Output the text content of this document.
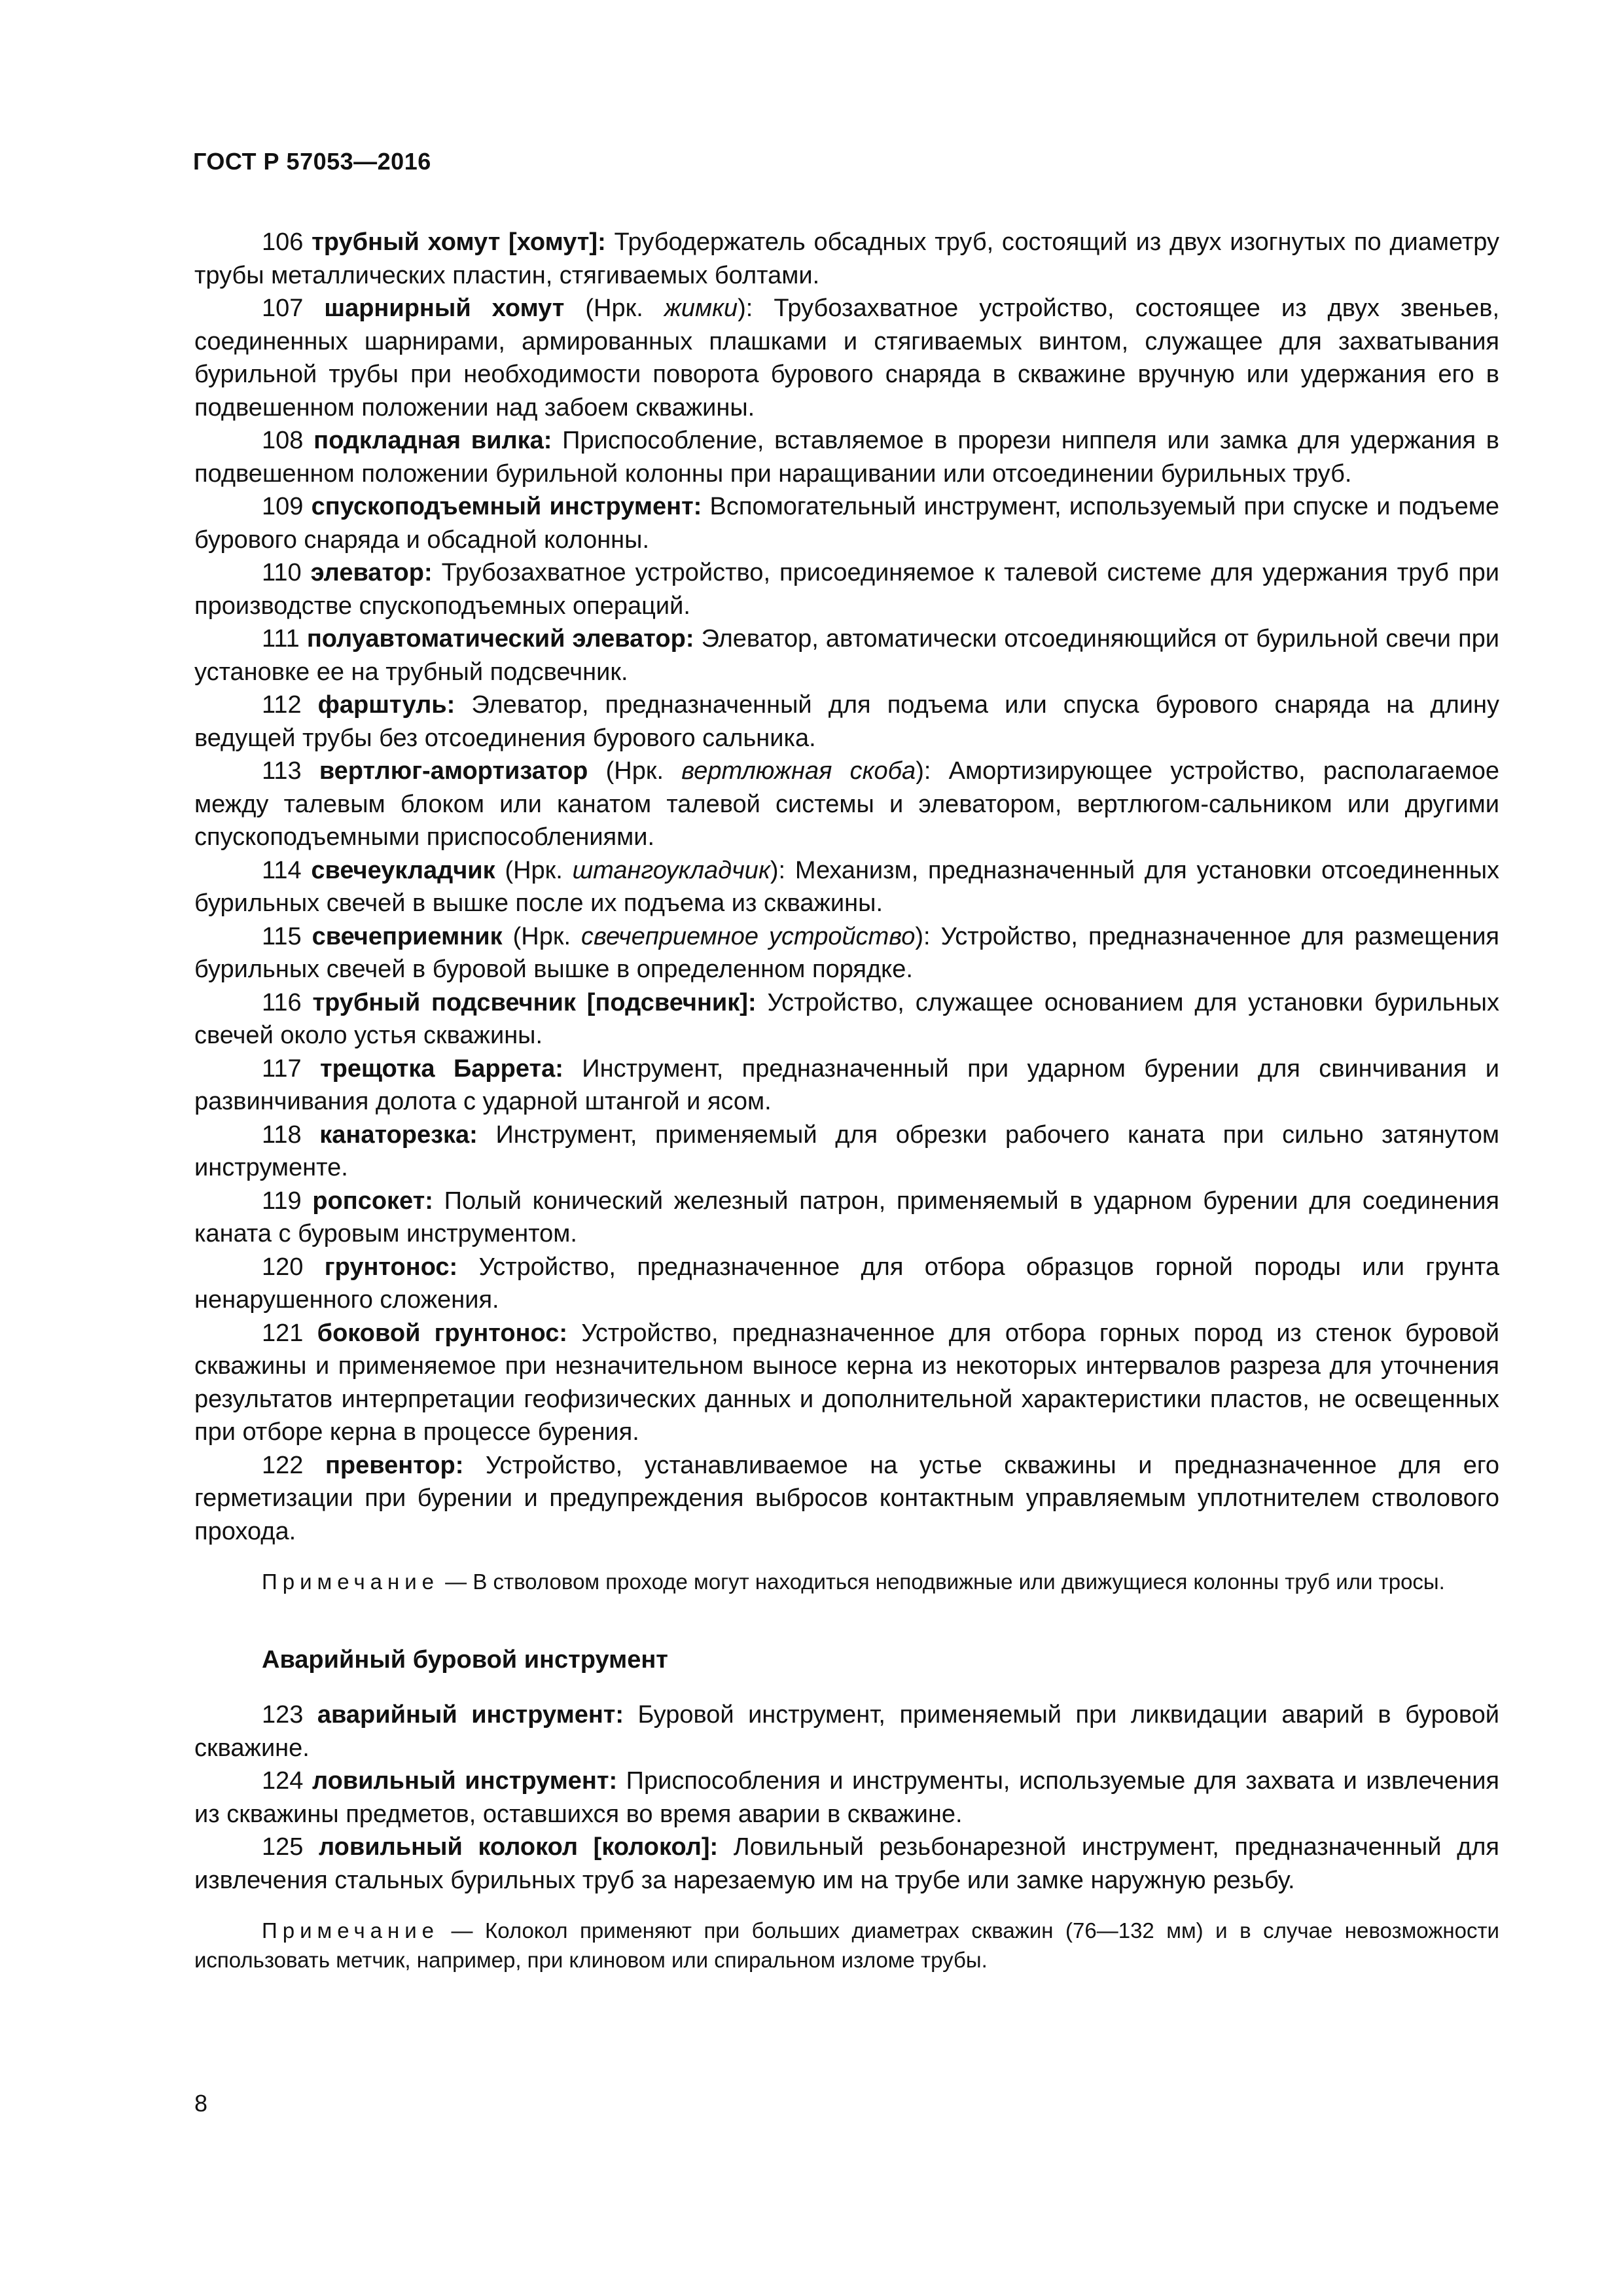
ГОСТ Р 57053—2016

106 трубный хомут [хомут]: Трубодержатель обсадных труб, состоящий из двух изогнутых по диаметру трубы металлических пластин, стягиваемых болтами.

107 шарнирный хомут (Нрк. жимки): Трубозахватное устройство, состоящее из двух звеньев, соединенных шарнирами, армированных плашками и стягиваемых винтом, служащее для захватывания бурильной трубы при необходимости поворота бурового снаряда в скважине вручную или удержания его в подвешенном положении над забоем скважины.

108 подкладная вилка: Приспособление, вставляемое в прорези ниппеля или замка для удержания в подвешенном положении бурильной колонны при наращивании или отсоединении бурильных труб.

109 спускоподъемный инструмент: Вспомогательный инструмент, используемый при спуске и подъеме бурового снаряда и обсадной колонны.

110 элеватор: Трубозахватное устройство, присоединяемое к талевой системе для удержания труб при производстве спускоподъемных операций.

111 полуавтоматический элеватор: Элеватор, автоматически отсоединяющийся от бурильной свечи при установке ее на трубный подсвечник.

112 фарштуль: Элеватор, предназначенный для подъема или спуска бурового снаряда на длину ведущей трубы без отсоединения бурового сальника.

113 вертлюг-амортизатор (Нрк. вертлюжная скоба): Амортизирующее устройство, располагаемое между талевым блоком или канатом талевой системы и элеватором, вертлюгом-сальником или другими спускоподъемными приспособлениями.

114 свечеукладчик (Нрк. штангоукладчик): Механизм, предназначенный для установки отсоединенных бурильных свечей в вышке после их подъема из скважины.

115 свечеприемник (Нрк. свечеприемное устройство): Устройство, предназначенное для размещения бурильных свечей в буровой вышке в определенном порядке.

116 трубный подсвечник [подсвечник]: Устройство, служащее основанием для установки бурильных свечей около устья скважины.

117 трещотка Баррета: Инструмент, предназначенный при ударном бурении для свинчивания и развинчивания долота с ударной штангой и ясом.

118 канаторезка: Инструмент, применяемый для обрезки рабочего каната при сильно затянутом инструменте.

119 ропсокет: Полый конический железный патрон, применяемый в ударном бурении для соединения каната с буровым инструментом.

120 грунтонос: Устройство, предназначенное для отбора образцов горной породы или грунта ненарушенного сложения.

121 боковой грунтонос: Устройство, предназначенное для отбора горных пород из стенок буровой скважины и применяемое при незначительном выносе керна из некоторых интервалов разреза для уточнения результатов интерпретации геофизических данных и дополнительной характеристики пластов, не освещенных при отборе керна в процессе бурения.

122 превентор: Устройство, устанавливаемое на устье скважины и предназначенное для его герметизации при бурении и предупреждения выбросов контактным управляемым уплотнителем стволового прохода.

Примечание — В стволовом проходе могут находиться неподвижные или движущиеся колонны труб или тросы.

Аварийный буровой инструмент

123 аварийный инструмент: Буровой инструмент, применяемый при ликвидации аварий в буровой скважине.

124 ловильный инструмент: Приспособления и инструменты, используемые для захвата и извлечения из скважины предметов, оставшихся во время аварии в скважине.

125 ловильный колокол [колокол]: Ловильный резьбонарезной инструмент, предназначенный для извлечения стальных бурильных труб за нарезаемую им на трубе или замке наружную резьбу.

Примечание — Колокол применяют при больших диаметрах скважин (76—132 мм) и в случае невозможности использовать метчик, например, при клиновом или спиральном изломе трубы.

8
